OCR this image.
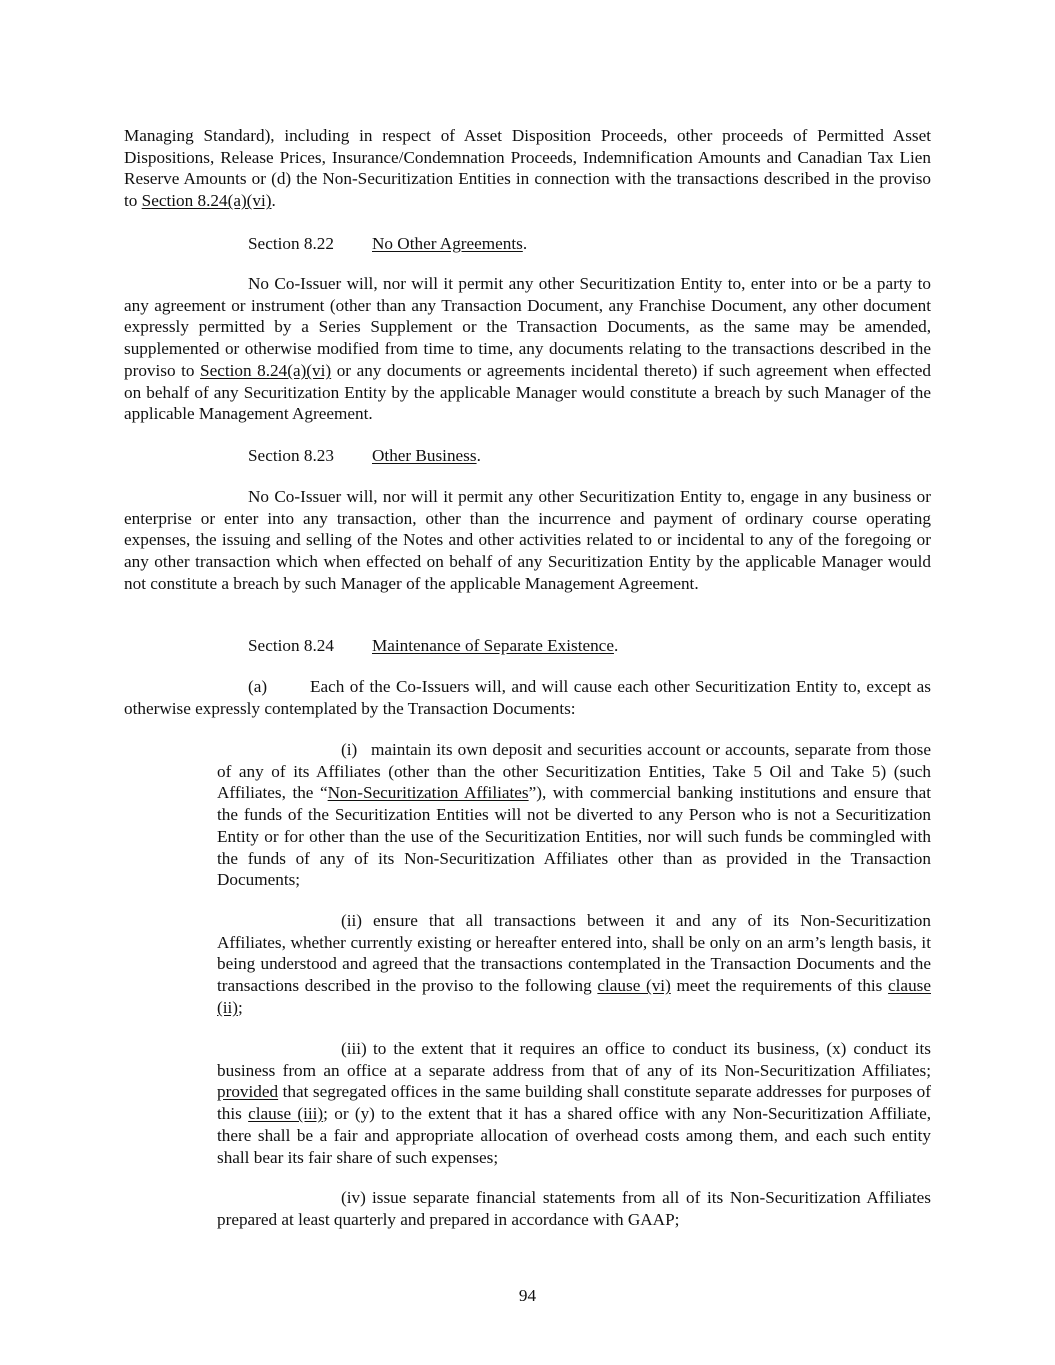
Managing Standard), including in respect of Asset Disposition Proceeds, other proceeds of Permitted Asset Dispositions, Release Prices, Insurance/Condemnation Proceeds, Indemnification Amounts and Canadian Tax Lien Reserve Amounts or (d) the Non-Securitization Entities in connection with the transactions described in the proviso to Section 8.24(a)(vi).

Section 8.22 No Other Agreements.

No Co-Issuer will, nor will it permit any other Securitization Entity to, enter into or be a party to any agreement or instrument (other than any Transaction Document, any Franchise Document, any other document expressly permitted by a Series Supplement or the Transaction Documents, as the same may be amended, supplemented or otherwise modified from time to time, any documents relating to the transactions described in the proviso to Section 8.24(a)(vi) or any documents or agreements incidental thereto) if such agreement when effected on behalf of any Securitization Entity by the applicable Manager would constitute a breach by such Manager of the applicable Management Agreement.

Section 8.23 Other Business.

No Co-Issuer will, nor will it permit any other Securitization Entity to, engage in any business or enterprise or enter into any transaction, other than the incurrence and payment of ordinary course operating expenses, the issuing and selling of the Notes and other activities related to or incidental to any of the foregoing or any other transaction which when effected on behalf of any Securitization Entity by the applicable Manager would not constitute a breach by such Manager of the applicable Management Agreement.

Section 8.24 Maintenance of Separate Existence.

(a) Each of the Co-Issuers will, and will cause each other Securitization Entity to, except as otherwise expressly contemplated by the Transaction Documents:

(i) maintain its own deposit and securities account or accounts, separate from those of any of its Affiliates (other than the other Securitization Entities, Take 5 Oil and Take 5) (such Affiliates, the “Non-Securitization Affiliates”), with commercial banking institutions and ensure that the funds of the Securitization Entities will not be diverted to any Person who is not a Securitization Entity or for other than the use of the Securitization Entities, nor will such funds be commingled with the funds of any of its Non-Securitization Affiliates other than as provided in the Transaction Documents;

(ii) ensure that all transactions between it and any of its Non-Securitization Affiliates, whether currently existing or hereafter entered into, shall be only on an arm’s length basis, it being understood and agreed that the transactions contemplated in the Transaction Documents and the transactions described in the proviso to the following clause (vi) meet the requirements of this clause (ii);

(iii) to the extent that it requires an office to conduct its business, (x) conduct its business from an office at a separate address from that of any of its Non-Securitization Affiliates; provided that segregated offices in the same building shall constitute separate addresses for purposes of this clause (iii); or (y) to the extent that it has a shared office with any Non-Securitization Affiliate, there shall be a fair and appropriate allocation of overhead costs among them, and each such entity shall bear its fair share of such expenses;

(iv) issue separate financial statements from all of its Non-Securitization Affiliates prepared at least quarterly and prepared in accordance with GAAP;

94
